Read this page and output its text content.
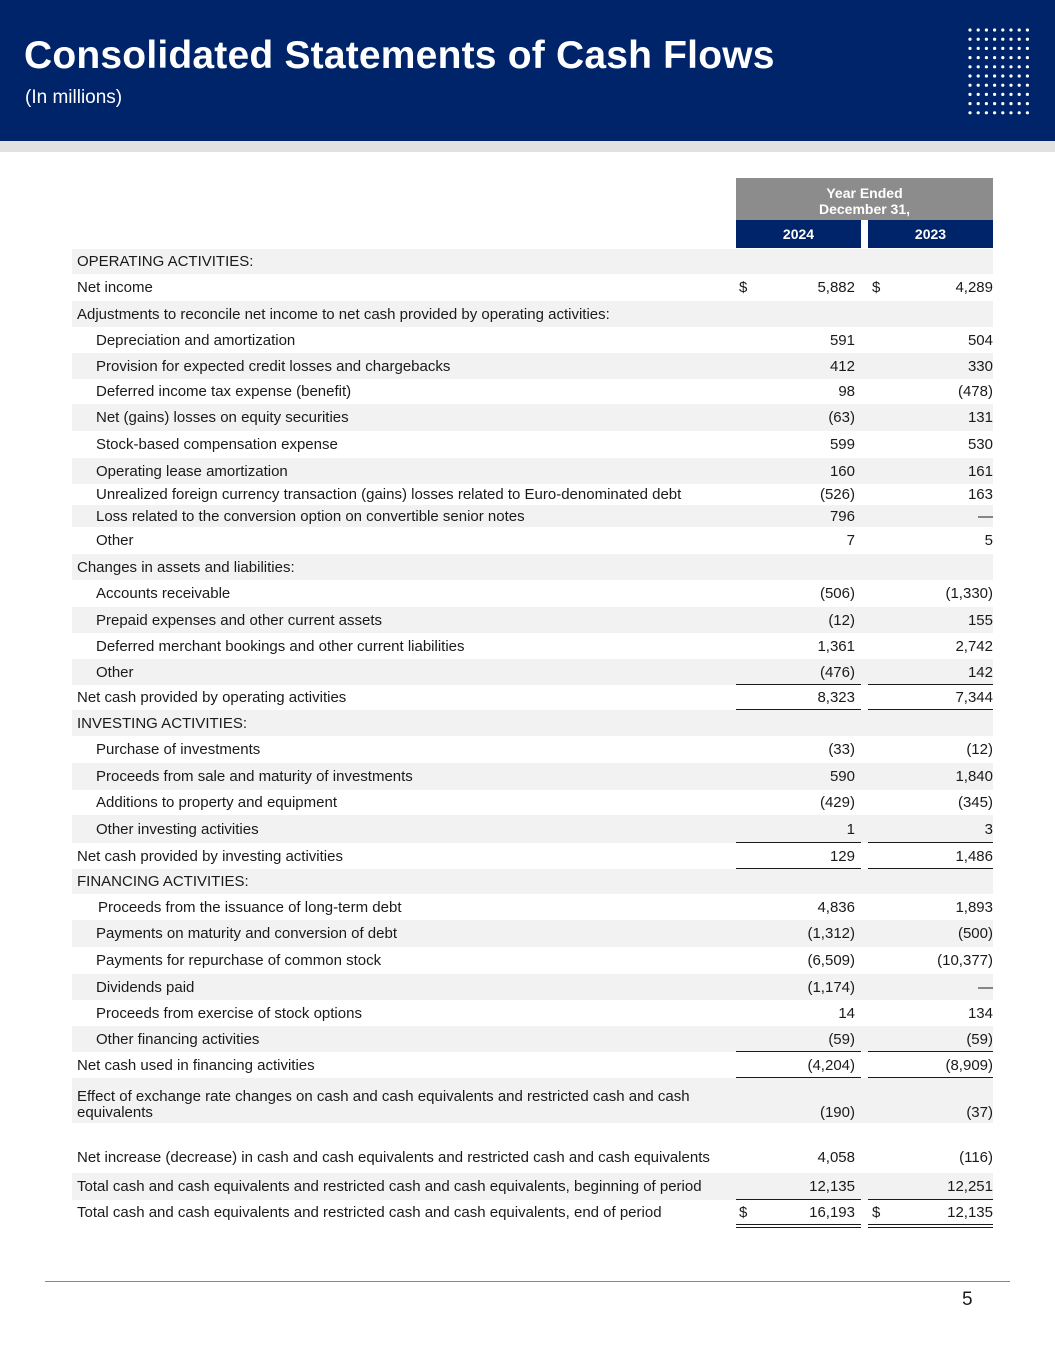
Consolidated Statements of Cash Flows
(In millions)
Year Ended
December 31,
2024	2023
OPERATING ACTIVITIES:
Net income	$	5,882	$	4,289
Adjustments to reconcile net income to net cash provided by operating activities:
Depreciation and amortization	591	504
Provision for expected credit losses and chargebacks	412	330
Deferred income tax expense (benefit)	98	(478)
Net (gains) losses on equity securities	(63)	131
Stock-based compensation expense	599	530
Operating lease amortization	160	161
Unrealized foreign currency transaction (gains) losses related to Euro-denominated debt	(526)	163
Loss related to the conversion option on convertible senior notes	796	—
Other	7	5
Changes in assets and liabilities:
Accounts receivable	(506)	(1,330)
Prepaid expenses and other current assets	(12)	155
Deferred merchant bookings and other current liabilities	1,361	2,742
Other	(476)	142
Net cash provided by operating activities	8,323	7,344
INVESTING ACTIVITIES:
Purchase of investments	(33)	(12)
Proceeds from sale and maturity of investments	590	1,840
Additions to property and equipment	(429)	(345)
Other investing activities	1	3
Net cash provided by investing activities	129	1,486
FINANCING ACTIVITIES:
Proceeds from the issuance of long-term debt	4,836	1,893
Payments on maturity and conversion of debt	(1,312)	(500)
Payments for repurchase of common stock	(6,509)	(10,377)
Dividends paid	(1,174)	—
Proceeds from exercise of stock options	14	134
Other financing activities	(59)	(59)
Net cash used in financing activities	(4,204)	(8,909)
Effect of exchange rate changes on cash and cash equivalents and restricted cash and cash equivalents	(190)	(37)
Net increase (decrease) in cash and cash equivalents and restricted cash and cash equivalents	4,058	(116)
Total cash and cash equivalents and restricted cash and cash equivalents, beginning of period	12,135	12,251
Total cash and cash equivalents and restricted cash and cash equivalents, end of period	$	16,193	$	12,135
5
